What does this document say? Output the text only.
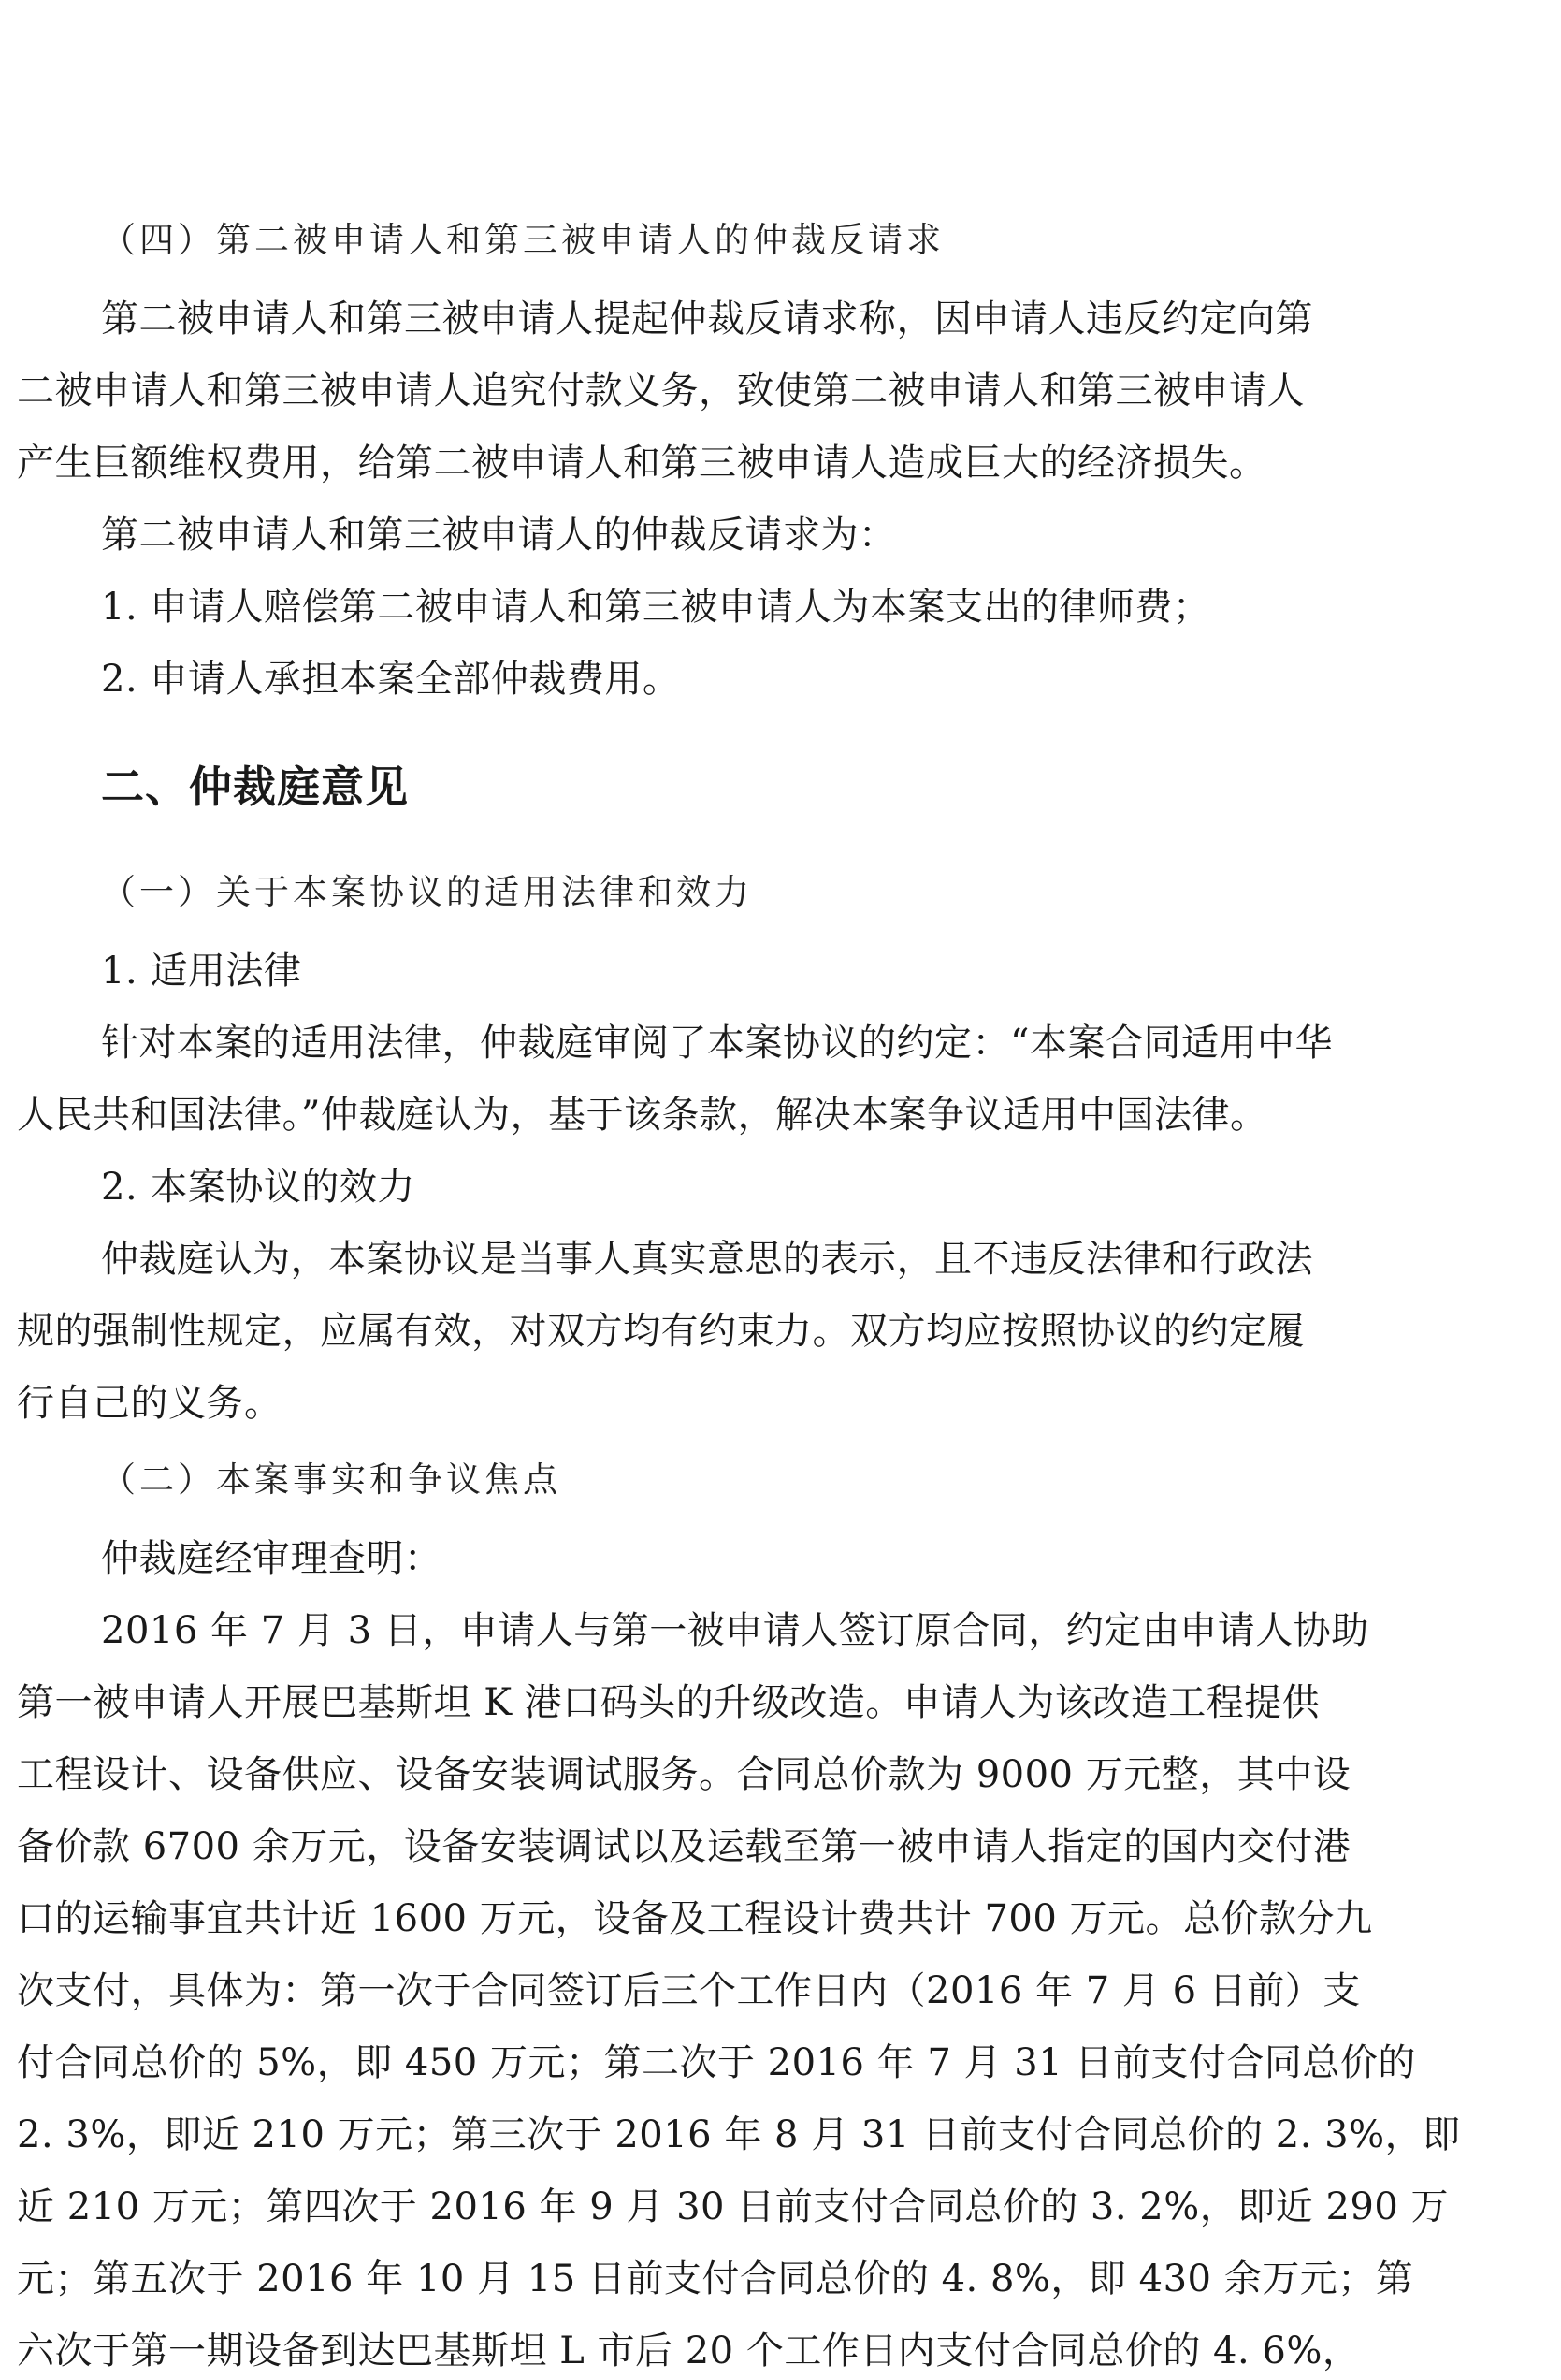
（四）第二被申请人和第三被申请人的仲裁反请求
第二被申请人和第三被申请人提起仲裁反请求称，因申请人违反约定向第
二被申请人和第三被申请人追究付款义务，致使第二被申请人和第三被申请人
产生巨额维权费用，给第二被申请人和第三被申请人造成巨大的经济损失。
第二被申请人和第三被申请人的仲裁反请求为：
1. 申请人赔偿第二被申请人和第三被申请人为本案支出的律师费；
2. 申请人承担本案全部仲裁费用。
二、仲裁庭意见
（一）关于本案协议的适用法律和效力
1. 适用法律
针对本案的适用法律，仲裁庭审阅了本案协议的约定：“本案合同适用中华
人民共和国法律。”仲裁庭认为，基于该条款，解决本案争议适用中国法律。
2. 本案协议的效力
仲裁庭认为，本案协议是当事人真实意思的表示，且不违反法律和行政法
规的强制性规定，应属有效，对双方均有约束力。双方均应按照协议的约定履
行自己的义务。
（二）本案事实和争议焦点
仲裁庭经审理查明：
2016 年 7 月 3 日，申请人与第一被申请人签订原合同，约定由申请人协助
第一被申请人开展巴基斯坦 K 港口码头的升级改造。申请人为该改造工程提供
工程设计、设备供应、设备安装调试服务。合同总价款为 9000 万元整，其中设
备价款 6700 余万元，设备安装调试以及运载至第一被申请人指定的国内交付港
口的运输事宜共计近 1600 万元，设备及工程设计费共计 700 万元。总价款分九
次支付，具体为：第一次于合同签订后三个工作日内（2016 年 7 月 6 日前）支
付合同总价的 5%，即 450 万元；第二次于 2016 年 7 月 31 日前支付合同总价的
2. 3%，即近 210 万元；第三次于 2016 年 8 月 31 日前支付合同总价的 2. 3%，即
近 210 万元；第四次于 2016 年 9 月 30 日前支付合同总价的 3. 2%，即近 290 万
元；第五次于 2016 年 10 月 15 日前支付合同总价的 4. 8%，即 430 余万元；第
六次于第一期设备到达巴基斯坦 L 市后 20 个工作日内支付合同总价的 4. 6%，
